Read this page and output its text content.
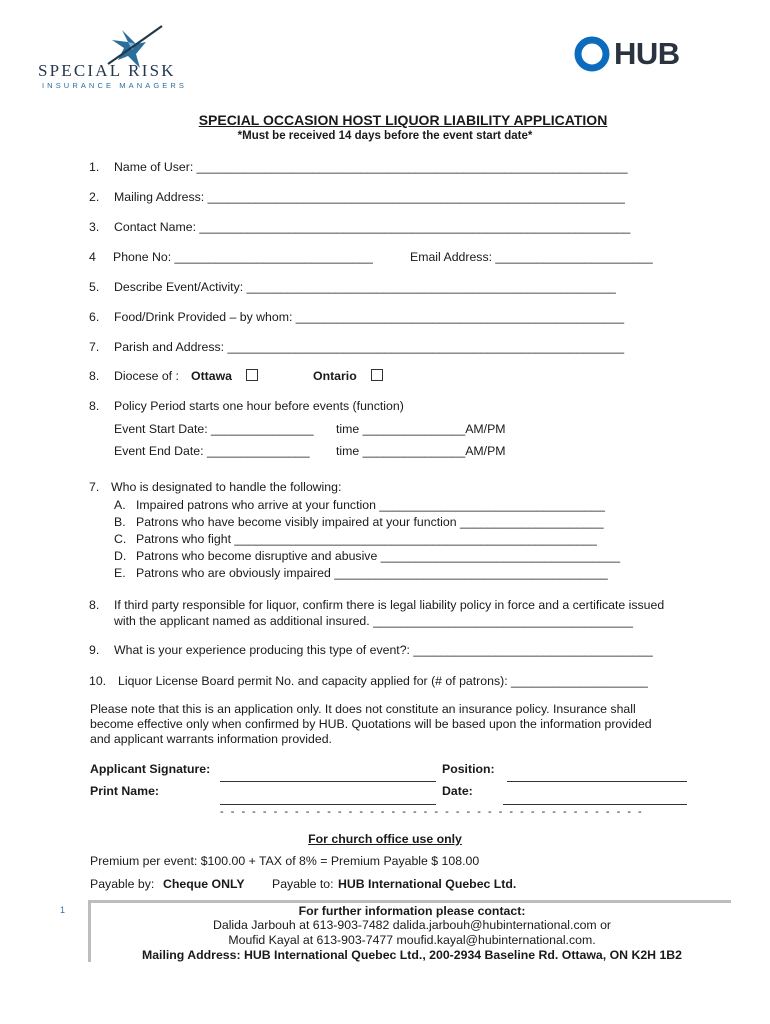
SPECIAL RISK
INSURANCE MANAGERS
HUB
SPECIAL OCCASION HOST LIQUOR LIABILITY APPLICATION
*Must be received 14 days before the event start date*
1. Name of User: _______________________________________________________________
2. Mailing Address: _____________________________________________________________
3. Contact Name: _______________________________________________________________
4 Phone No: _____________________________	Email Address: _______________________
5. Describe Event/Activity: ______________________________________________________
6. Food/Drink Provided – by whom: ________________________________________________
7. Parish and Address: __________________________________________________________
8. Diocese of : Ottawa	Ontario
8. Policy Period starts one hour before events (function)
Event Start Date: _______________ time _______________AM/PM
Event End Date: _______________ time _______________AM/PM
7. Who is designated to handle the following:
A. Impaired patrons who arrive at your function _________________________________
B. Patrons who have become visibly impaired at your function _____________________
C. Patrons who fight _____________________________________________________
D. Patrons who become disruptive and abusive ___________________________________
E. Patrons who are obviously impaired ________________________________________
8. If third party responsible for liquor, confirm there is legal liability policy in force and a certificate issued
with the applicant named as additional insured. ______________________________________
9. What is your experience producing this type of event?: ___________________________________
10. Liquor License Board permit No. and capacity applied for (# of patrons): ____________________
Please note that this is an application only. It does not constitute an insurance policy. Insurance shall
become effective only when confirmed by HUB. Quotations will be based upon the information provided
and applicant warrants information provided.
Applicant Signature:	Position:
Print Name:	Date:
- - - - - - - - - - - - - - - - - - - - - - - - - - - - - - - - - - - - - - - -
For church office use only
Premium per event: $100.00 + TAX of 8% = Premium Payable $ 108.00
Payable by: Cheque ONLY Payable to: HUB International Quebec Ltd.
1	For further information please contact:
Dalida Jarbouh at 613-903-7482 dalida.jarbouh@hubinternational.com or
Moufid Kayal at 613-903-7477 moufid.kayal@hubinternational.com.
Mailing Address: HUB International Quebec Ltd., 200-2934 Baseline Rd. Ottawa, ON K2H 1B2
